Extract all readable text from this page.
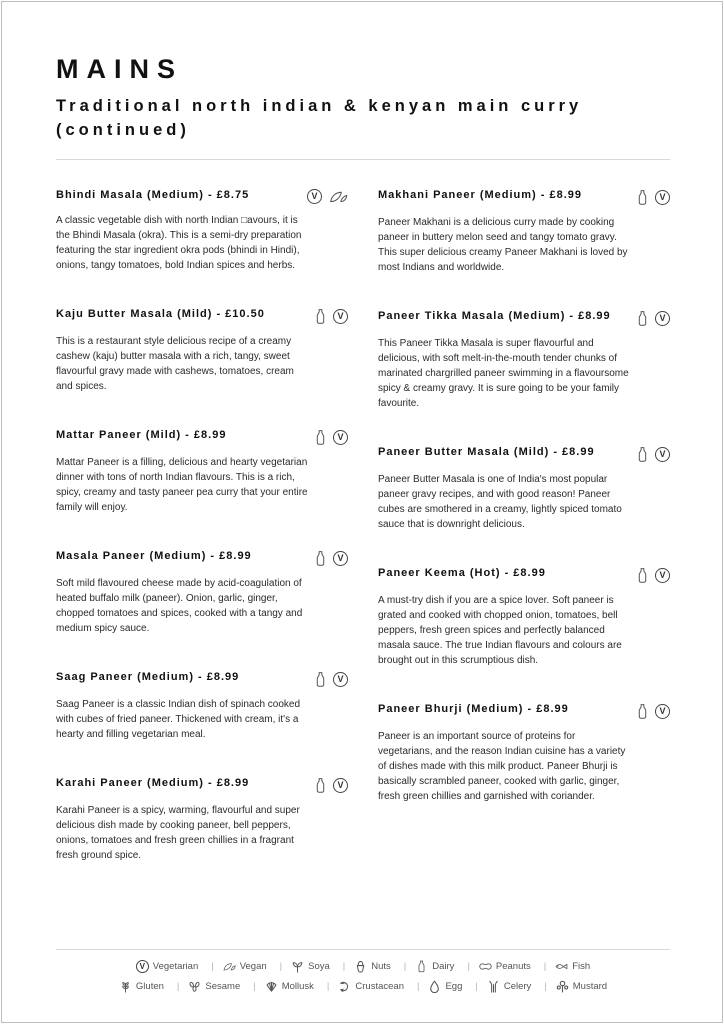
MAINS
Traditional north indian & kenyan main curry
(continued)
Bhindi Masala (Medium) - £8.75	V

A classic vegetable dish with north Indian □avours, it is the Bhindi Masala (okra). This is a semi-dry preparation featuring the star ingredient okra pods (bhindi in Hindi), onions, tangy tomatoes, bold Indian spices and herbs.

Kaju Butter Masala (Mild) - £10.50	V

This is a restaurant style delicious recipe of a creamy cashew (kaju) butter masala with a rich, tangy, sweet flavourful gravy made with cashews, tomatoes, cream and spices.

Mattar Paneer (Mild) - £8.99	V

Mattar Paneer is a filling, delicious and hearty vegetarian dinner with tons of north Indian flavours. This is a rich, spicy, creamy and tasty paneer pea curry that your entire family will enjoy.

Masala Paneer (Medium) - £8.99	V

Soft mild flavoured cheese made by acid-coagulation of heated buffalo milk (paneer). Onion, garlic, ginger, chopped tomatoes and spices, cooked with a tangy and medium spicy sauce.

Saag Paneer (Medium) - £8.99	V

Saag Paneer is a classic Indian dish of spinach cooked with cubes of fried paneer. Thickened with cream, it's a hearty and filling vegetarian meal.

Karahi Paneer (Medium) - £8.99	V

Karahi Paneer is a spicy, warming, flavourful and super delicious dish made by cooking paneer, bell peppers, onions, tomatoes and fresh green chillies in a fragrant fresh ground spice.

Makhani Paneer (Medium) - £8.99	V

Paneer Makhani is a delicious curry made by cooking paneer in buttery melon seed and tangy tomato gravy. This super delicious creamy Paneer Makhani is loved by most Indians and worldwide.

Paneer Tikka Masala (Medium) - £8.99	V

This Paneer Tikka Masala is super flavourful and delicious, with soft melt-in-the-mouth tender chunks of marinated chargrilled paneer swimming in a flavoursome spicy & creamy gravy. It is sure going to be your family favourite.

Paneer Butter Masala (Mild) - £8.99	V

Paneer Butter Masala is one of India's most popular paneer gravy recipes, and with good reason! Paneer cubes are smothered in a creamy, lightly spiced tomato sauce that is downright delicious.

Paneer Keema (Hot) - £8.99	V

A must-try dish if you are a spice lover. Soft paneer is grated and cooked with chopped onion, tomatoes, bell peppers, fresh green spices and perfectly balanced masala sauce. The true Indian flavours and colours are brought out in this scrumptious dish.

Paneer Bhurji (Medium) - £8.99	V

Paneer is an important source of proteins for vegetarians, and the reason Indian cuisine has a variety of dishes made with this milk product. Paneer Bhurji is basically scrambled paneer, cooked with garlic, ginger, fresh green chillies and garnished with coriander.

V Vegetarian
|	Vegan
|	Soya
|	Nuts
|	Dairy
|	Peanuts
|	Fish
Gluten
|	Sesame
|	Mollusk
|	Crustacean
|	Egg
|	Celery
|	Mustard
